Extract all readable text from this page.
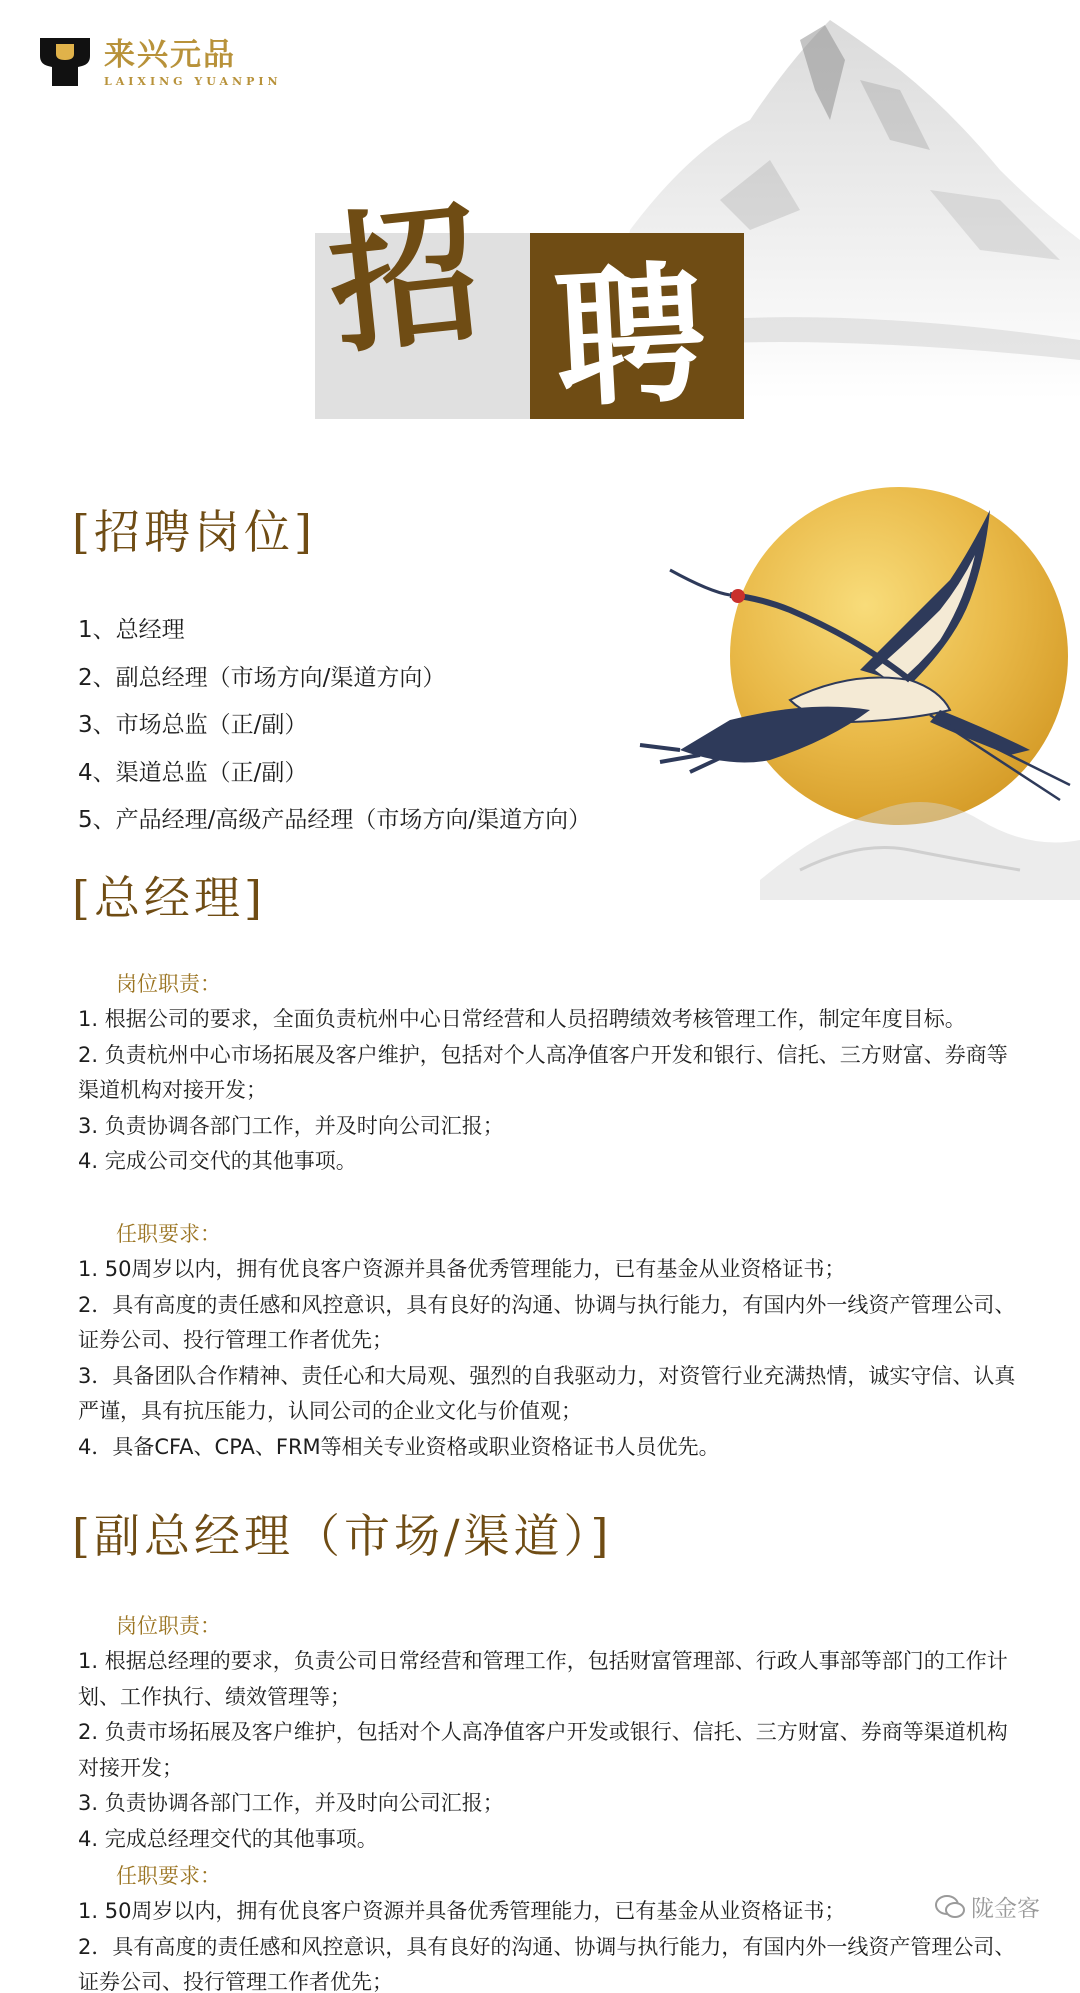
来兴元品
LAIXING YUANPIN
招 聘
[招聘岗位]
1、总经理
2、副总经理（市场方向/渠道方向）
3、市场总监（正/副）
4、渠道总监（正/副）
5、产品经理/高级产品经理（市场方向/渠道方向）
[总经理]
岗位职责：

1. 根据公司的要求，全面负责杭州中心日常经营和人员招聘绩效考核管理工作，制定年度目标。

2. 负责杭州中心市场拓展及客户维护，包括对个人高净值客户开发和银行、信托、三方财富、券商等渠道机构对接开发；

3. 负责协调各部门工作，并及时向公司汇报；

4. 完成公司交代的其他事项。

任职要求：

1. 50周岁以内，拥有优良客户资源并具备优秀管理能力，已有基金从业资格证书；

2．具有高度的责任感和风控意识，具有良好的沟通、协调与执行能力，有国内外一线资产管理公司、证券公司、投行管理工作者优先；

3．具备团队合作精神、责任心和大局观、强烈的自我驱动力，对资管行业充满热情，诚实守信、认真严谨，具有抗压能力，认同公司的企业文化与价值观；

4．具备CFA、CPA、FRM等相关专业资格或职业资格证书人员优先。

[副总经理（市场/渠道）]
岗位职责：

1. 根据总经理的要求，负责公司日常经营和管理工作，包括财富管理部、行政人事部等部门的工作计划、工作执行、绩效管理等；

2. 负责市场拓展及客户维护，包括对个人高净值客户开发或银行、信托、三方财富、券商等渠道机构对接开发；

3. 负责协调各部门工作，并及时向公司汇报；

4. 完成总经理交代的其他事项。

任职要求：

1. 50周岁以内，拥有优良客户资源并具备优秀管理能力，已有基金从业资格证书；

2．具有高度的责任感和风控意识，具有良好的沟通、协调与执行能力，有国内外一线资产管理公司、证券公司、投行管理工作者优先；

陇金客
